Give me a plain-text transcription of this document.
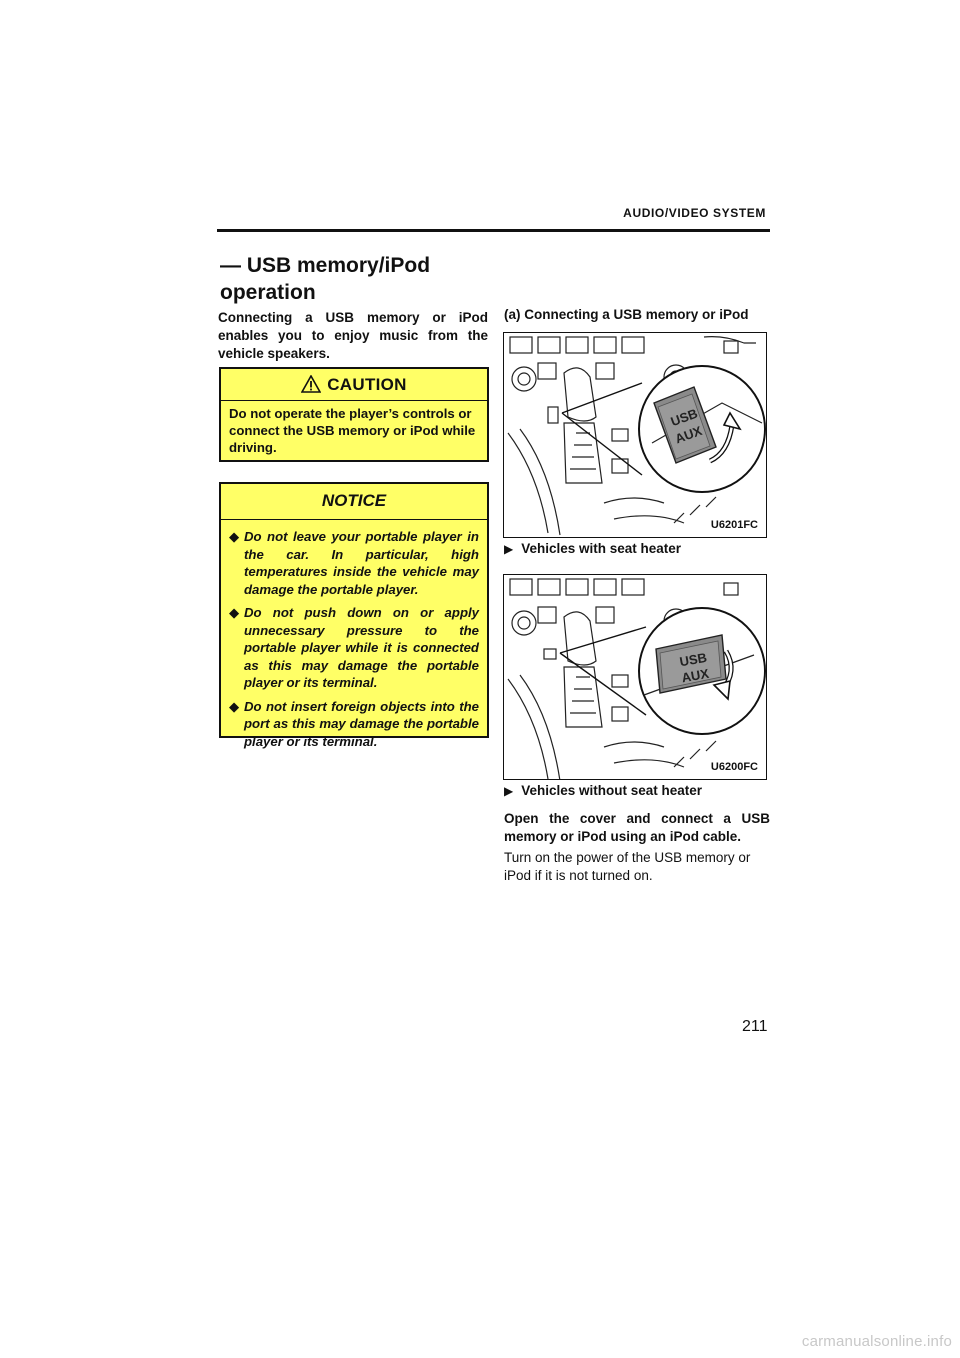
AUDIO/VIDEO SYSTEM
— USB memory/iPod operation
Connecting a USB memory or iPod enables you to enjoy music from the vehicle speakers.
CAUTION
Do not operate the player’s controls or connect the USB memory or iPod while driving.
NOTICE
◆ Do not leave your portable player in the car. In particular, high temperatures inside the vehicle may damage the portable player.
◆ Do not push down on or apply unnecessary pressure to the portable player while it is connected as this may damage the portable player or its terminal.
◆ Do not insert foreign objects into the port as this may damage the portable player or its terminal.
(a) Connecting a USB memory or iPod
USB
AUX
U6201FC
▶ Vehicles with seat heater
USB
AUX
U6200FC
▶ Vehicles without seat heater
Open the cover and connect a USB memory or iPod using an iPod cable.
Turn on the power of the USB memory or iPod if it is not turned on.
211
carmanualsonline.info
